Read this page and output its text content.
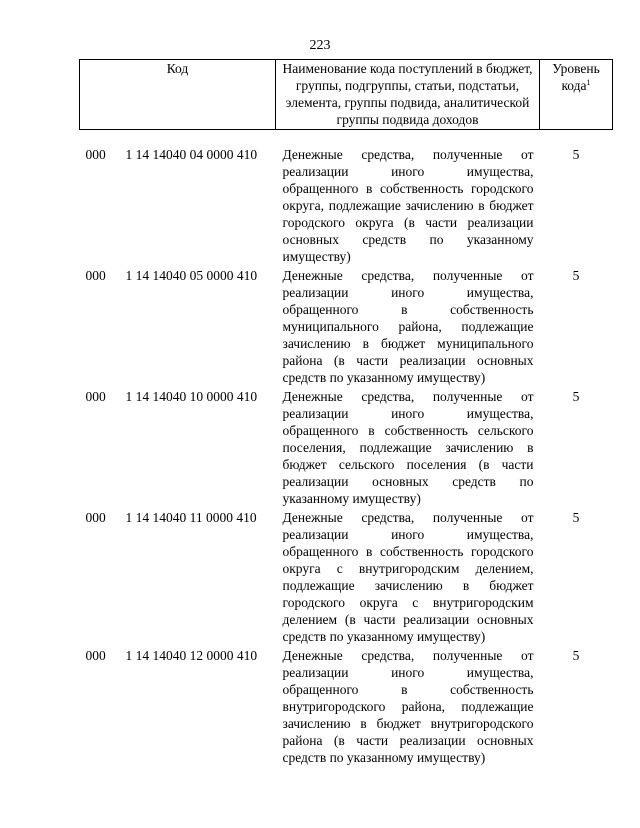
223
Код		Наименование кода поступлений в бюджет, группы, подгруппы, статьи, подстатьи, элемента, группы подвида, аналитической группы подвида доходов	Уровень кода$^1$

000	1 14 14040 04 0000 410	Денежные средства, полученные от реализации иного имущества, обращенного в собственность городского округа, подлежащие зачислению в бюджет городского округа (в части реализации основных средств по указанному имуществу)	5
000	1 14 14040 05 0000 410	Денежные средства, полученные от реализации иного имущества, обращенного в собственность муниципального района, подлежащие зачислению в бюджет муниципального района (в части реализации основных средств по указанному имуществу)	5
000	1 14 14040 10 0000 410	Денежные средства, полученные от реализации иного имущества, обращенного в собственность сельского поселения, подлежащие зачислению в бюджет сельского поселения (в части реализации основных средств по указанному имуществу)	5
000	1 14 14040 11 0000 410	Денежные средства, полученные от реализации иного имущества, обращенного в собственность городского округа с внутригородским делением, подлежащие зачислению в бюджет городского округа с внутригородским делением (в части реализации основных средств по указанному имуществу)	5
000	1 14 14040 12 0000 410	Денежные средства, полученные от реализации иного имущества, обращенного в собственность внутригородского района, подлежащие зачислению в бюджет внутригородского района (в части реализации основных средств по указанному имуществу)	5
